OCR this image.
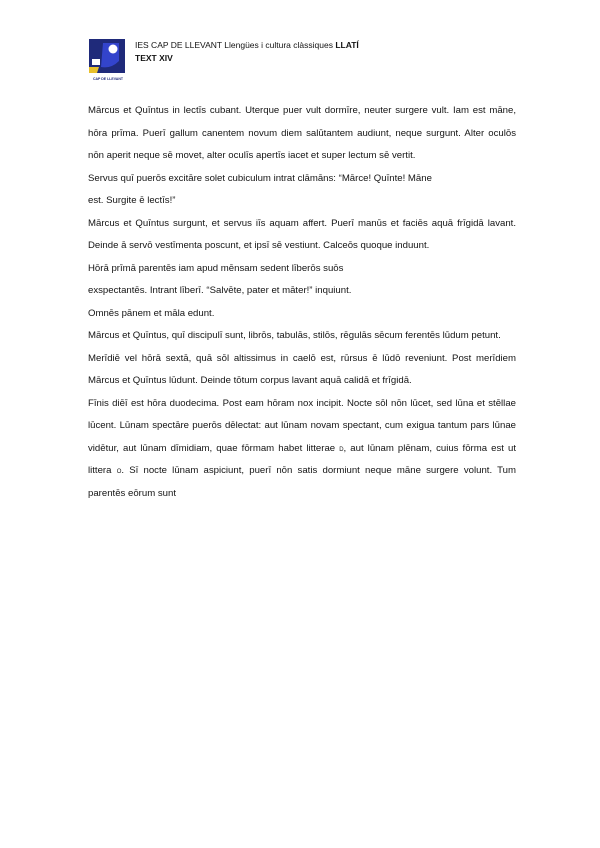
CAP DE LLEVANT
IES CAP DE LLEVANT Llengües i cultura clàssiques LLATÍ
TEXT XIV

Mārcus et Quīntus in lectīs cubant. Uterque puer vult dormīre, neuter surgere vult. Iam est māne, hōra prīma. Puerī gallum canentem novum diem salūtantem audiunt, neque surgunt. Alter oculōs nōn aperit neque sē movet, alter oculīs apertīs iacet et super lectum sē vertit.

Servus quī puerōs excitāre solet cubiculum intrat clāmāns: “Mārce! Quīnte! Māne

est. Surgite ē lectīs!”

Mārcus et Quīntus surgunt, et servus iīs aquam affert. Puerī manūs et faciēs aquā frīgidā lavant. Deinde ā servō vestīmenta poscunt, et ipsī sē vestiunt. Calceōs quoque induunt.

Hōrā prīmā parentēs iam apud mēnsam sedent līberōs suōs

exspectantēs. Intrant līberī. “Salvēte, pater et māter!” inquiunt.

Omnēs pānem et māla edunt.

Mārcus et Quīntus, quī discipulī sunt, librōs, tabulās, stilōs, rēgulās sēcum ferentēs lūdum petunt.

Merīdiē vel hōrā sextā, quā sōl altissimus in caelō est, rūrsus ē lūdō reveniunt. Post merīdiem Mārcus et Quīntus lūdunt. Deinde tōtum corpus lavant aquā calidā et frīgidā.

Fīnis diēī est hōra duodecima. Post eam hōram nox incipit. Nocte sōl nōn lūcet, sed lūna et stēllae lūcent. Lūnam spectāre puerōs dēlectat: aut lūnam novam spectant, cum exigua tantum pars lūnae vidētur, aut lūnam dīmidiam, quae fōrmam habet litterae d, aut lūnam plēnam, cuius fōrma est ut littera o. Sī nocte lūnam aspiciunt, puerī nōn satis dormiunt neque māne surgere volunt. Tum parentēs eōrum sunt
